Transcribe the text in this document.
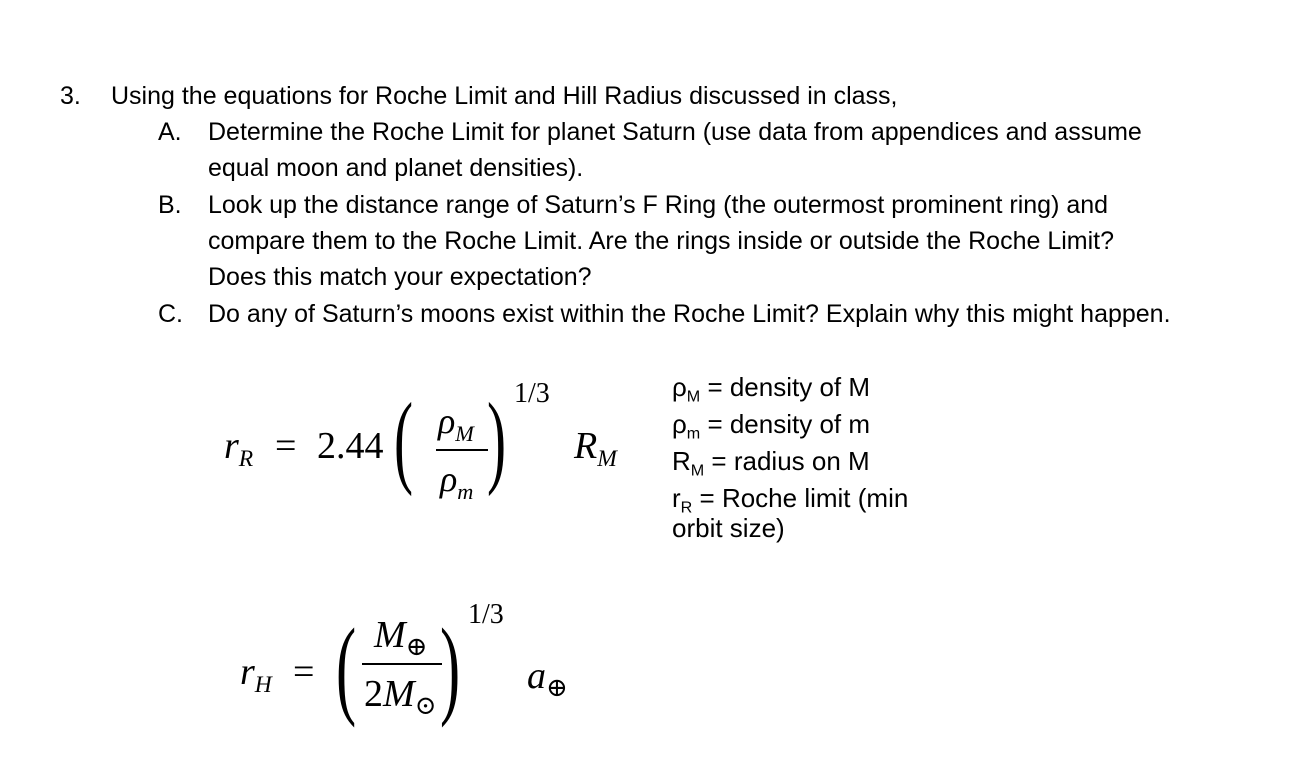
3. Using the equations for Roche Limit and Hill Radius discussed in class,
A. Determine the Roche Limit for planet Saturn (use data from appendices and assume
equal moon and planet densities).
B. Look up the distance range of Saturn’s F Ring (the outermost prominent ring) and
compare them to the Roche Limit. Are the rings inside or outside the Roche Limit?
Does this match your expectation?
C. Do any of Saturn’s moons exist within the Roche Limit? Explain why this might happen.
$r_R = 2.44$ ( $\rho_M$
$\rho_m$ ) 1/3
$R_M$
$\rho_M$ = density of M
$\rho_m$ = density of m
$R_M$ = radius on M
$r_R$ = Roche limit (min
orbit size)
$r_H$ = ( $M_\oplus$
$2M_⊙$ ) 1/3
$a_\oplus$
